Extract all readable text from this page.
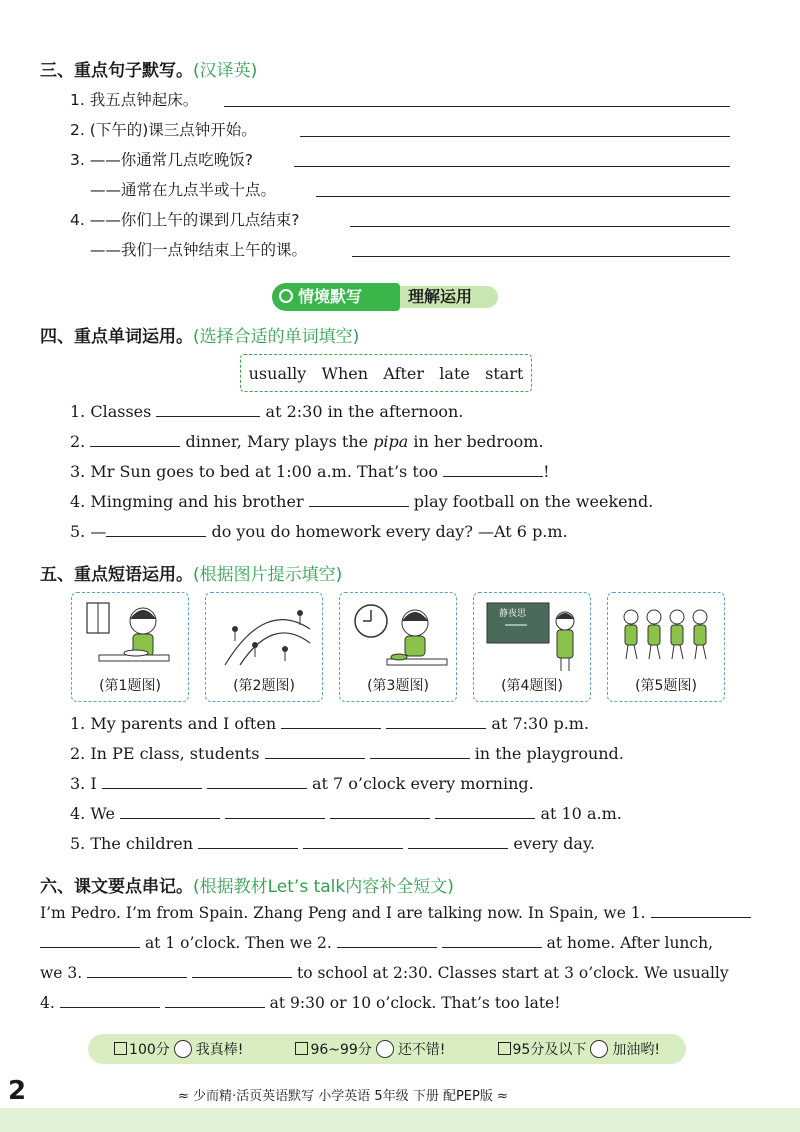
三、重点句子默写。(汉译英)
1. 我五点钟起床。
2. (下午的)课三点钟开始。
3. ——你通常几点吃晚饭?
——通常在九点半或十点。
4. ——你们上午的课到几点结束?
——我们一点钟结束上午的课。
情境默写	理解运用
四、重点单词运用。(选择合适的单词填空)
usually When After late start
1. Classes	at 2:30 in the afternoon.
2.	dinner, Mary plays the pipa in her bedroom.
3. Mr Sun goes to bed at 1:00 a.m. That’s too	!
4. Mingming and his brother	play football on the weekend.
5. —	do you do homework every day? —At 6 p.m.
五、重点短语运用。(根据图片提示填空)
(第1题图)	(第2题图)	(第3题图)
静夜思
(第4题图)	(第5题图)
1. My parents and I often	at 7:30 p.m.
2. In PE class, students	in the playground.
3. I	at 7 o’clock every morning.
4. We	at 10 a.m.
5. The children	every day.
六、课文要点串记。(根据教材Let’s talk内容补全短文)
I’m Pedro. I’m from Spain. Zhang Peng and I are talking now. In Spain, we 1.
at 1 o’clock. Then we 2.	at home. After lunch,
we 3.	to school at 2:30. Classes start at 3 o’clock. We usually
4.	at 9:30 or 10 o’clock. That’s too late!
100分 我真棒!	96~99分 还不错!	95分及以下 加油哟!
2	≈ 少而精·活页英语默写 小学英语 5年级 下册 配PEP版 ≈
